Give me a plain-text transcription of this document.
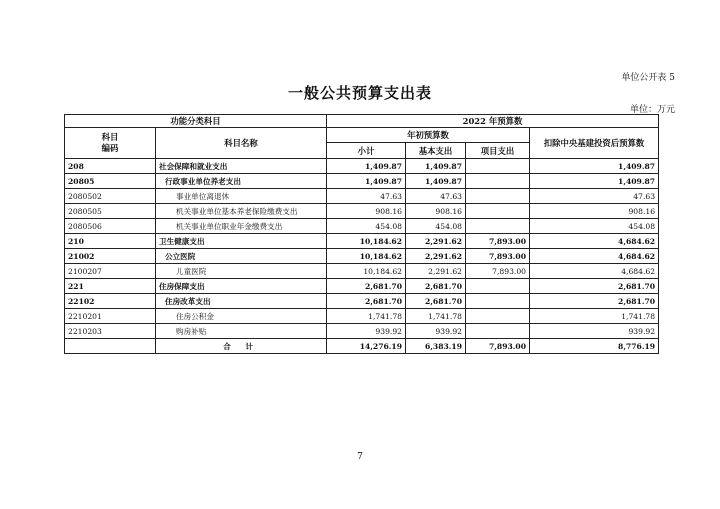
单位公开表 5
一般公共预算支出表
单位：万元
功能分类科目		2022 年预算数			
科目
编码	科目名称	年初预算数			扣除中央基建投资后预算数
		小计	基本支出	项目支出	
208	社会保障和就业支出	1,409.87	1,409.87		1,409.87
20805	行政事业单位养老支出	1,409.87	1,409.87		1,409.87
2080502	事业单位离退休	47.63	47.63		47.63
2080505	机关事业单位基本养老保险缴费支出	908.16	908.16		908.16
2080506	机关事业单位职业年金缴费支出	454.08	454.08		454.08
210	卫生健康支出	10,184.62	2,291.62	7,893.00	4,684.62
21002	公立医院	10,184.62	2,291.62	7,893.00	4,684.62
2100207	儿童医院	10,184.62	2,291.62	7,893.00	4,684.62
221	住房保障支出	2,681.70	2,681.70		2,681.70
22102	住房改革支出	2,681.70	2,681.70		2,681.70
2210201	住房公积金	1,741.78	1,741.78		1,741.78
2210203	购房补贴	939.92	939.92		939.92
	合 计	14,276.19	6,383.19	7,893.00	8,776.19
7
